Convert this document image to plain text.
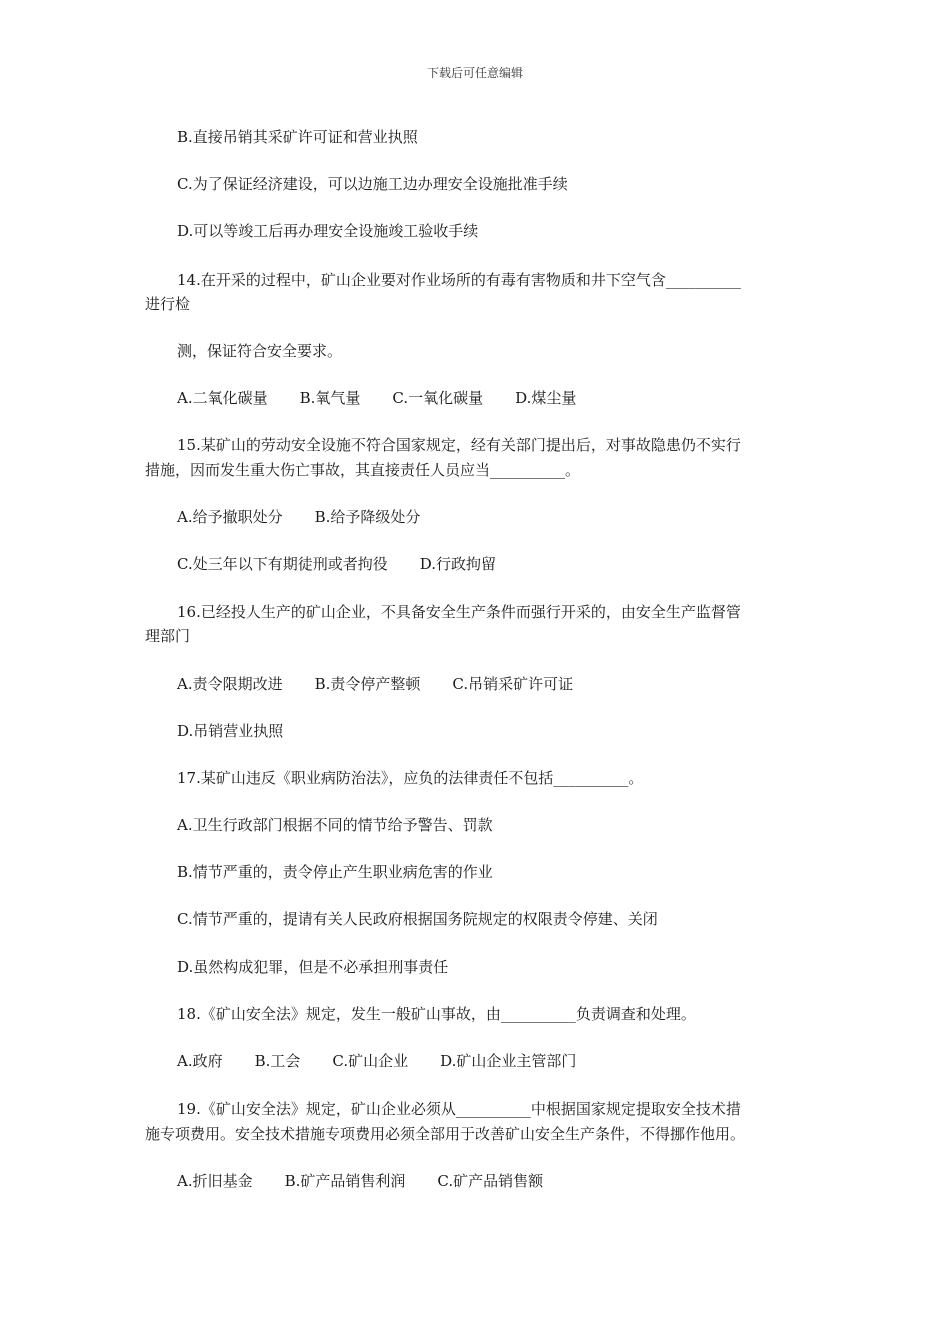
下载后可任意编辑
B.直接吊销其采矿许可证和营业执照
C.为了保证经济建设，可以边施工边办理安全设施批准手续
D.可以等竣工后再办理安全设施竣工验收手续
14.在开采的过程中，矿山企业要对作业场所的有毒有害物质和井下空气含__________
进行检
测，保证符合安全要求。
A.二氧化碳量 B.氧气量 C.一氧化碳量 D.煤尘量
15.某矿山的劳动安全设施不符合国家规定，经有关部门提出后，对事故隐患仍不实行
措施，因而发生重大伤亡事故，其直接责任人员应当__________。
A.给予撤职处分 B.给予降级处分
C.处三年以下有期徒刑或者拘役 D.行政拘留
16.已经投人生产的矿山企业，不具备安全生产条件而强行开采的，由安全生产监督管
理部门
A.责令限期改进 B.责令停产整顿 C.吊销采矿许可证
D.吊销营业执照
17.某矿山违反《职业病防治法》，应负的法律责任不包括__________。
A.卫生行政部门根据不同的情节给予警告、罚款
B.情节严重的，责令停止产生职业病危害的作业
C.情节严重的，提请有关人民政府根据国务院规定的权限责令停建、关闭
D.虽然构成犯罪，但是不必承担刑事责任
18.《矿山安全法》规定，发生一般矿山事故，由__________负责调查和处理。
A.政府 B.工会 C.矿山企业 D.矿山企业主管部门
19.《矿山安全法》规定，矿山企业必须从__________中根据国家规定提取安全技术措
施专项费用。安全技术措施专项费用必须全部用于改善矿山安全生产条件，不得挪作他用。
A.折旧基金 B.矿产品销售利润 C.矿产品销售额
